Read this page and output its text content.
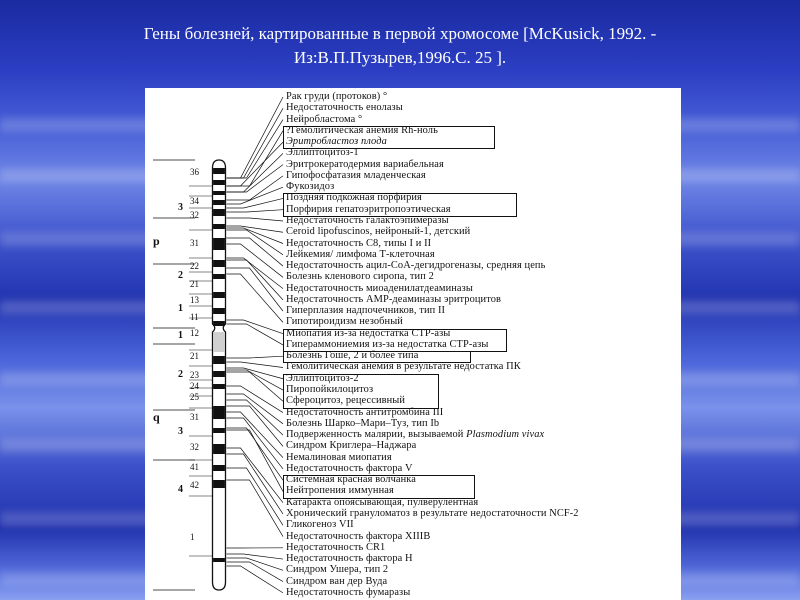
Гены болезней, картированные в первой хромосоме [McKusick, 1992. -
Из:В.П.Пузырев,1996.С. 25 ].
3
2
1
1
2
3
4
p
q
36
34
32
31
22
21
13
11
12
21
23
24
25
31
32
41
42
1
Рак груди (протоков) °
Недостаточность енолазы
Нейробластома °
?Гемолитическая анемия Rh-ноль
Эритробластоз плода
Эллиптоцитоз-1
Эритрокератодермия вариабельная
Гипофосфатазия младенческая
Фукозидоз
Поздняя подкожная порфирия
Порфирия гепатоэритропоэтическая
Недостаточность галактоэпимеразы
Ceroid lipofuscinos, нейроный-1, детский
Недостаточность С8, типы I и II
Лейкемия/ лимфома Т-клеточная
Недостаточность ацил-СоА-дегидрогеназы, средняя цепь
Болезнь кленового сиропа, тип 2
Недостаточность миоаденилатдеаминазы
Недостаточность АМР-деаминазы эритроцитов
Гиперплазия надпочечников, тип II
Гипотироидизм незобный
Миопатия из-за недостатка СТР-азы
Гипераммониемия из-за недостатка СТР-азы
Болезнь Гоше, 2 и более типа
Гемолитическая анемия в результате недостатка ПК
Эллиптоцитоз-2
Пиропойкилоцитоз
Сфероцитоз, рецессивный
Недостаточность антитромбина III
Болезнь Шарко–Мари–Туз, тип Ib
Подверженность малярии, вызываемой Plasmodium vivax
Синдром Криглера–Наджара
Немалиновая миопатия
Недостаточность фактора V
Системная красная волчанка
Нейтропения иммунная
Катаракта опоясывающая, пулверулентная
Хронический грануломатоз в результате недостаточности NCF-2
Гликогеноз VII
Недостаточность фактора XIIIВ
Недостаточность CR1
Недостаточность фактора Н
Синдром Ушера, тип 2
Синдром ван дер Вуда
Недостаточность фумаразы
